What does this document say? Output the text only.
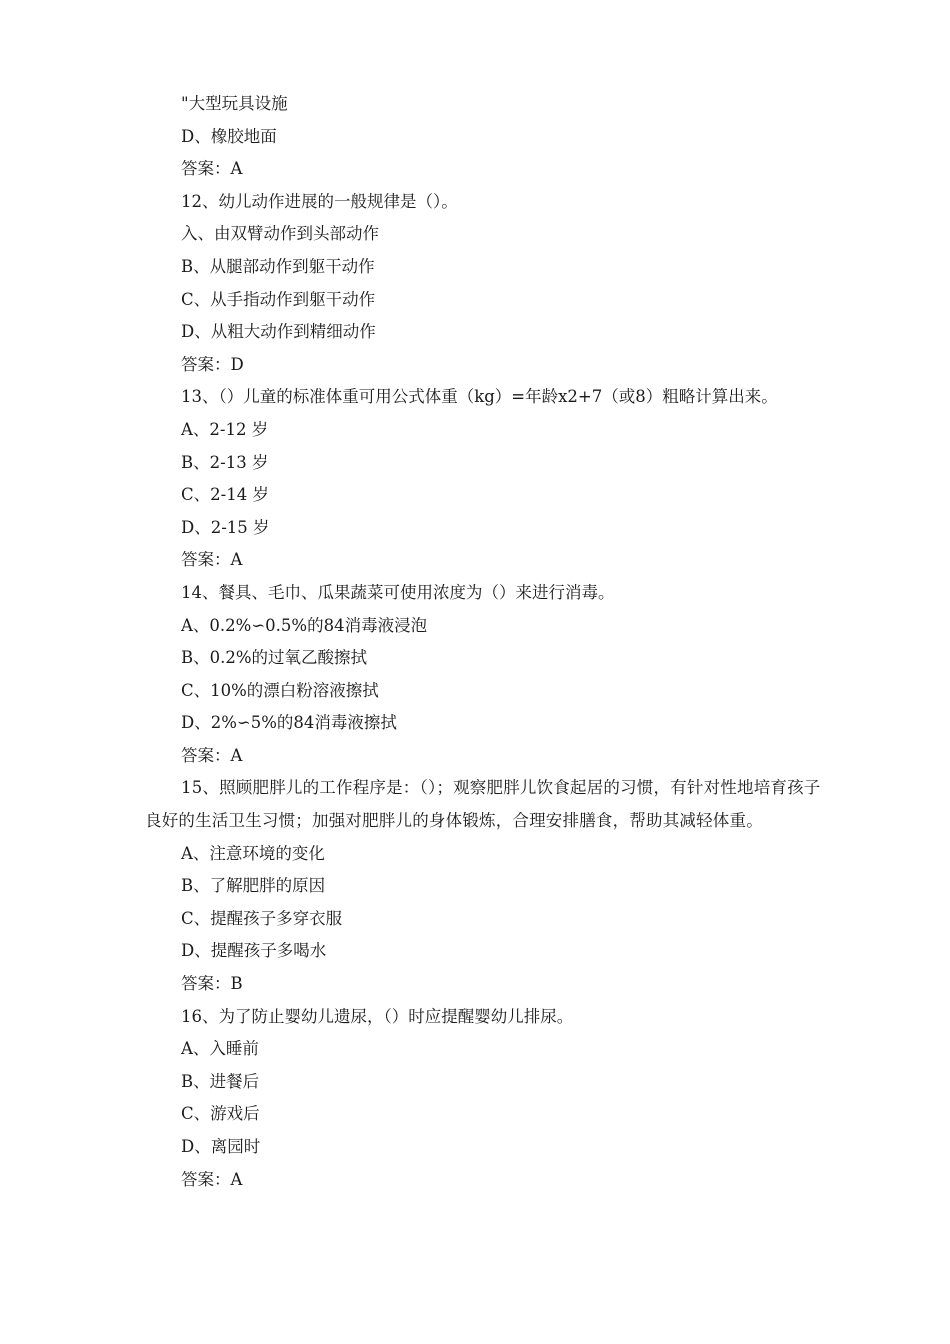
"大型玩具设施
D、橡胶地面
答案：A
12、幼儿动作进展的一般规律是（）。
入、由双臂动作到头部动作
B、从腿部动作到躯干动作
C、从手指动作到躯干动作
D、从粗大动作到精细动作
答案：D
13、（）儿童的标准体重可用公式体重（kg）=年龄x2+7（或8）粗略计算出来。
A、2-12 岁
B、2-13 岁
C、2-14 岁
D、2-15 岁
答案：A
14、餐具、毛巾、瓜果蔬菜可使用浓度为（）来进行消毒。
A、0.2%∽0.5%的84消毒液浸泡
B、0.2%的过氧乙酸擦拭
C、10%的漂白粉溶液擦拭
D、2%∽5%的84消毒液擦拭
答案：A

15、照顾肥胖儿的工作程序是：（）；观察肥胖儿饮食起居的习惯，有针对性地培育孩子良好的生活卫生习惯；加强对肥胖儿的身体锻炼，合理安排膳食，帮助其减轻体重。

A、注意环境的变化
B、了解肥胖的原因
C、提醒孩子多穿衣服
D、提醒孩子多喝水
答案：B
16、为了防止婴幼儿遗尿，（）时应提醒婴幼儿排尿。
A、入睡前
B、进餐后
C、游戏后
D、离园时
答案：A
